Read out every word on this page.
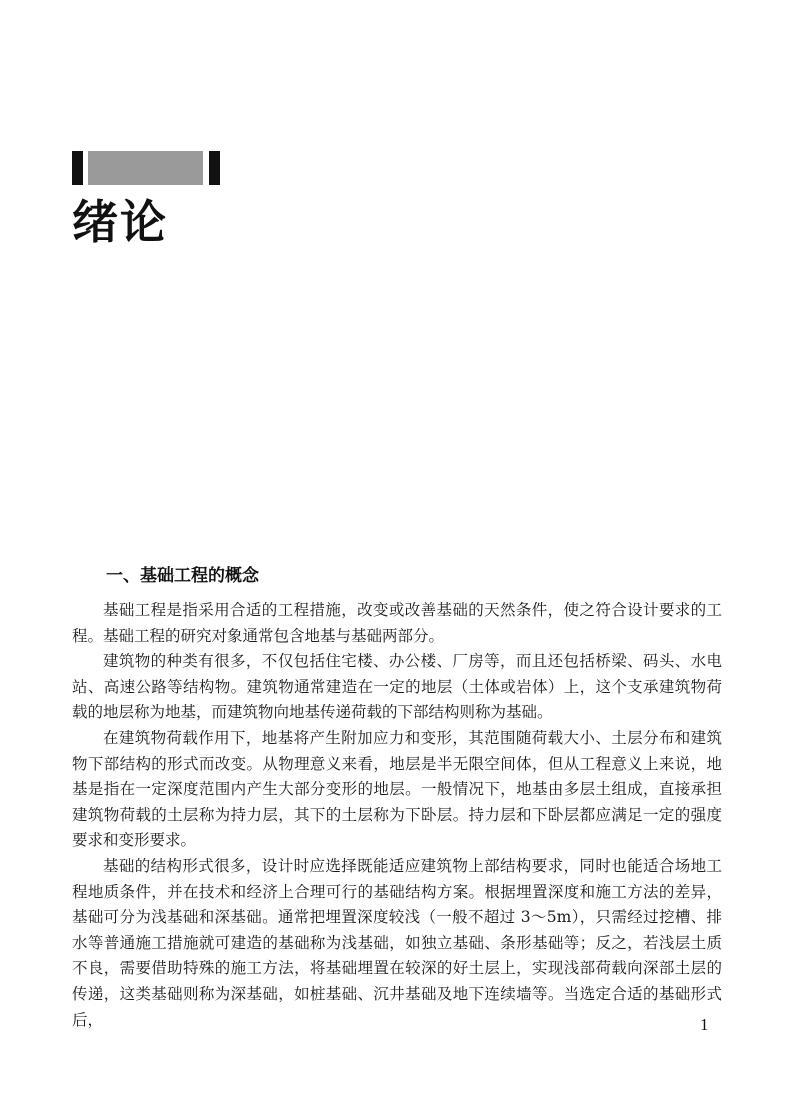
绪论
一、基础工程的概念

基础工程是指采用合适的工程措施，改变或改善基础的天然条件，使之符合设计要求的工程。基础工程的研究对象通常包含地基与基础两部分。

建筑物的种类有很多，不仅包括住宅楼、办公楼、厂房等，而且还包括桥梁、码头、水电站、高速公路等结构物。建筑物通常建造在一定的地层（土体或岩体）上，这个支承建筑物荷载的地层称为地基，而建筑物向地基传递荷载的下部结构则称为基础。

在建筑物荷载作用下，地基将产生附加应力和变形，其范围随荷载大小、土层分布和建筑物下部结构的形式而改变。从物理意义来看，地层是半无限空间体，但从工程意义上来说，地基是指在一定深度范围内产生大部分变形的地层。一般情况下，地基由多层土组成，直接承担建筑物荷载的土层称为持力层，其下的土层称为下卧层。持力层和下卧层都应满足一定的强度要求和变形要求。

基础的结构形式很多，设计时应选择既能适应建筑物上部结构要求，同时也能适合场地工程地质条件，并在技术和经济上合理可行的基础结构方案。根据埋置深度和施工方法的差异，基础可分为浅基础和深基础。通常把埋置深度较浅（一般不超过 3～5m），只需经过挖槽、排水等普通施工措施就可建造的基础称为浅基础，如独立基础、条形基础等；反之，若浅层土质不良，需要借助特殊的施工方法，将基础埋置在较深的好土层上，实现浅部荷载向深部土层的传递，这类基础则称为深基础，如桩基础、沉井基础及地下连续墙等。当选定合适的基础形式后，	1
